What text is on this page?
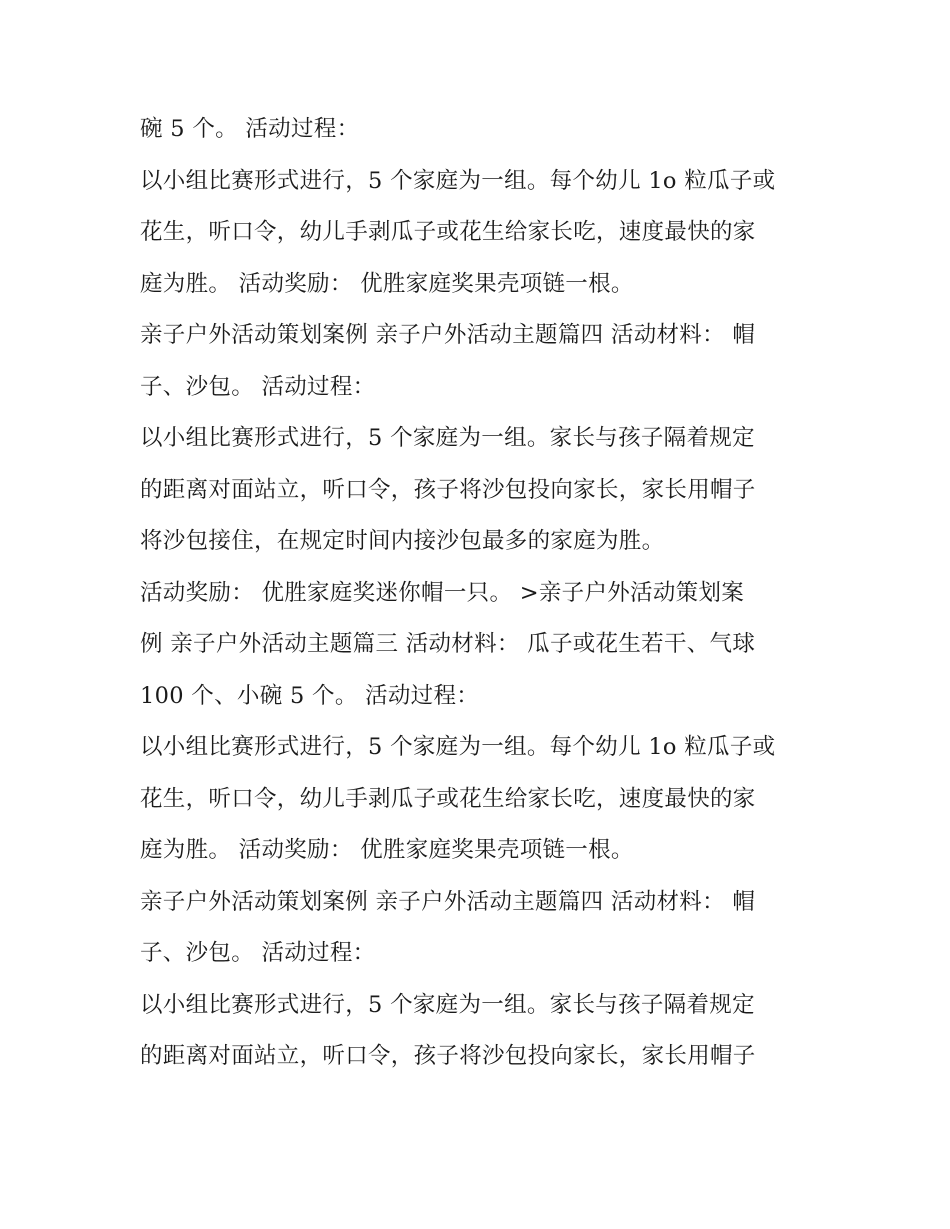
碗 5 个。 活动过程：
以小组比赛形式进行，5 个家庭为一组。每个幼儿 1o 粒瓜子或
花生，听口令，幼儿手剥瓜子或花生给家长吃，速度最快的家
庭为胜。 活动奖励： 优胜家庭奖果壳项链一根。
亲子户外活动策划案例 亲子户外活动主题篇四 活动材料： 帽
子、沙包。 活动过程：
以小组比赛形式进行，5 个家庭为一组。家长与孩子隔着规定
的距离对面站立，听口令，孩子将沙包投向家长，家长用帽子
将沙包接住，在规定时间内接沙包最多的家庭为胜。
活动奖励： 优胜家庭奖迷你帽一只。 >亲子户外活动策划案
例 亲子户外活动主题篇三 活动材料： 瓜子或花生若干、气球
100 个、小碗 5 个。 活动过程：
以小组比赛形式进行，5 个家庭为一组。每个幼儿 1o 粒瓜子或
花生，听口令，幼儿手剥瓜子或花生给家长吃，速度最快的家
庭为胜。 活动奖励： 优胜家庭奖果壳项链一根。
亲子户外活动策划案例 亲子户外活动主题篇四 活动材料： 帽
子、沙包。 活动过程：
以小组比赛形式进行，5 个家庭为一组。家长与孩子隔着规定
的距离对面站立，听口令，孩子将沙包投向家长，家长用帽子
